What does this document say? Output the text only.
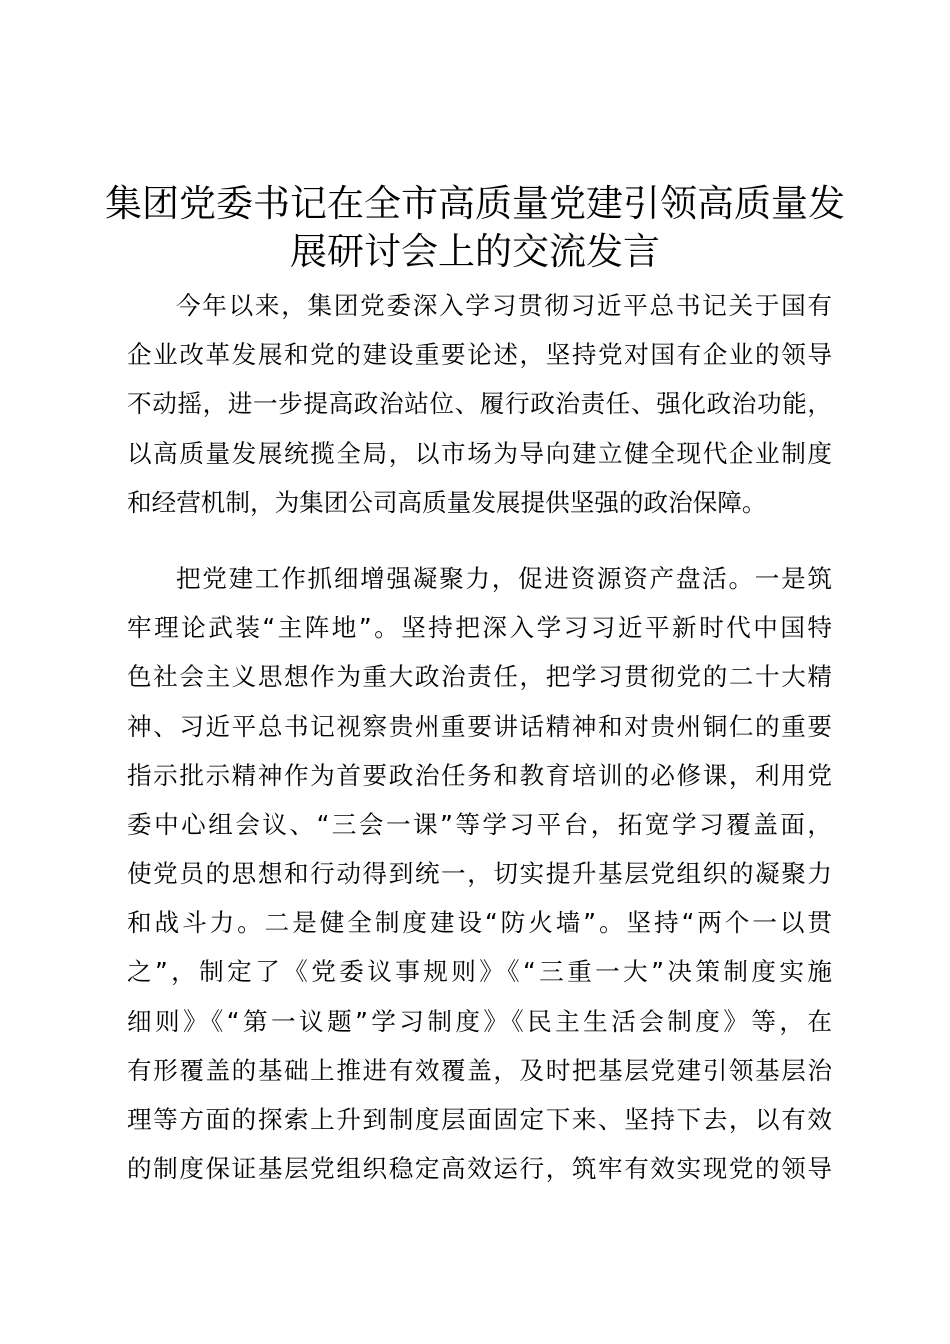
集团党委书记在全市高质量党建引领高质量发
展研讨会上的交流发言
今年以来，集团党委深入学习贯彻习近平总书记关于国有
企业改革发展和党的建设重要论述，坚持党对国有企业的领导
不动摇，进一步提高政治站位、履行政治责任、强化政治功能，
以高质量发展统揽全局，以市场为导向建立健全现代企业制度
和经营机制，为集团公司高质量发展提供坚强的政治保障。
把党建工作抓细增强凝聚力，促进资源资产盘活。一是筑
牢理论武装“主阵地”。坚持把深入学习习近平新时代中国特
色社会主义思想作为重大政治责任，把学习贯彻党的二十大精
神、习近平总书记视察贵州重要讲话精神和对贵州铜仁的重要
指示批示精神作为首要政治任务和教育培训的必修课，利用党
委中心组会议、“三会一课”等学习平台，拓宽学习覆盖面，
使党员的思想和行动得到统一，切实提升基层党组织的凝聚力
和战斗力。二是健全制度建设“防火墙”。坚持“两个一以贯
之”，制定了《党委议事规则》《“三重一大”决策制度实施
细则》《“第一议题”学习制度》《民主生活会制度》等，在
有形覆盖的基础上推进有效覆盖，及时把基层党建引领基层治
理等方面的探索上升到制度层面固定下来、坚持下去，以有效
的制度保证基层党组织稳定高效运行，筑牢有效实现党的领导
